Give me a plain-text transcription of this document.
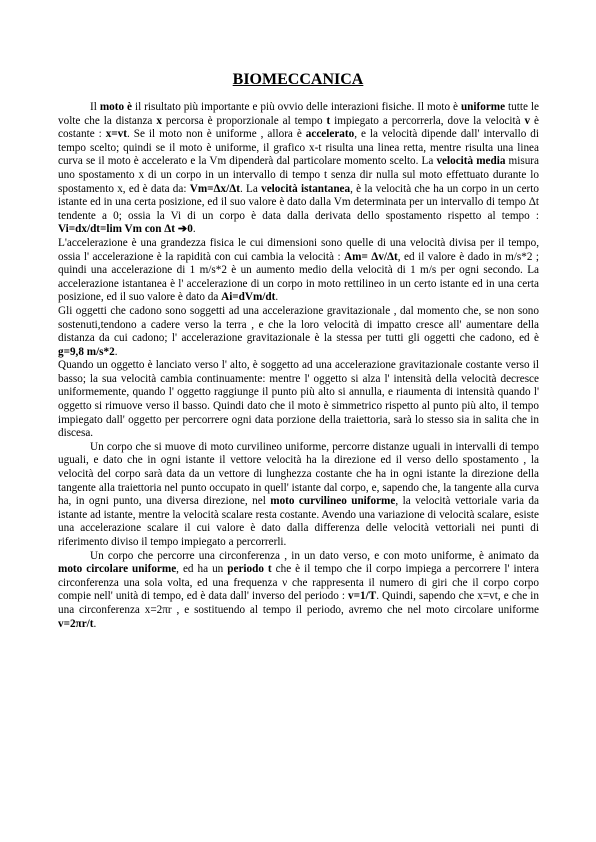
BIOMECCANICA

Il moto è il risultato più importante e più ovvio delle interazioni fisiche. Il moto è uniforme tutte le volte che la distanza x percorsa è proporzionale al tempo t impiegato a percorrerla, dove la velocità v è costante : x=vt. Se il moto non è uniforme , allora è accelerato, e la velocità dipende dall' intervallo di tempo scelto; quindi se il moto è uniforme, il grafico x-t risulta una linea retta, mentre risulta una linea curva se il moto è accelerato e la Vm dipenderà dal particolare momento scelto. La velocità media misura uno spostamento x di un corpo in un intervallo di tempo t senza dir nulla sul moto effettuato durante lo spostamento x, ed è data da: Vm=Δx/Δt. La velocità istantanea, è la velocità che ha un corpo in un certo istante ed in una certa posizione, ed il suo valore è dato dalla Vm determinata per un intervallo di tempo Δt tendente a 0; ossia la Vi di un corpo è data dalla derivata dello spostamento rispetto al tempo : Vi=dx/dt=lim Vm con Δt ➔0.

L'accelerazione è una grandezza fisica le cui dimensioni sono quelle di una velocità divisa per il tempo, ossia l' accelerazione è la rapidità con cui cambia la velocità : Am= Δv/Δt, ed il valore è dado in m/s*2 ; quindi una accelerazione di 1 m/s*2 è un aumento medio della velocità di 1 m/s per ogni secondo. La accelerazione istantanea è l' accelerazione di un corpo in moto rettilineo in un certo istante ed in una certa posizione, ed il suo valore è dato da Ai=dVm/dt.

Gli oggetti che cadono sono soggetti ad una accelerazione gravitazionale , dal momento che, se non sono sostenuti,tendono a cadere verso la terra , e che la loro velocità di impatto cresce all' aumentare della distanza da cui cadono; l' accelerazione gravitazionale è la stessa per tutti gli oggetti che cadono, ed è g=9,8 m/s*2.

Quando un oggetto è lanciato verso l' alto, è soggetto ad una accelerazione gravitazionale costante verso il basso; la sua velocità cambia continuamente: mentre l' oggetto si alza l' intensità della velocità decresce uniformemente, quando l' oggetto raggiunge il punto più alto si annulla, e riaumenta di intensità quando l' oggetto si rimuove verso il basso. Quindi dato che il moto è simmetrico rispetto al punto più alto, il tempo impiegato dall' oggetto per percorrere ogni data porzione della traiettoria, sarà lo stesso sia in salita che in discesa.

Un corpo che si muove di moto curvilineo uniforme, percorre distanze uguali in intervalli di tempo uguali, e dato che in ogni istante il vettore velocità ha la direzione ed il verso dello spostamento , la velocità del corpo sarà data da un vettore di lunghezza costante che ha in ogni istante la direzione della tangente alla traiettoria nel punto occupato in quell' istante dal corpo, e, sapendo che, la tangente alla curva ha, in ogni punto, una diversa direzione, nel moto curvilineo uniforme, la velocità vettoriale varia da istante ad istante, mentre la velocità scalare resta costante. Avendo una variazione di velocità scalare, esiste una accelerazione scalare il cui valore è dato dalla differenza delle velocità vettoriali nei punti di riferimento diviso il tempo impiegato a percorrerli.

Un corpo che percorre una circonferenza , in un dato verso, e con moto uniforme, è animato da moto circolare uniforme, ed ha un periodo t che è il tempo che il corpo impiega a percorrere l' intera circonferenza una sola volta, ed una frequenza ν che rappresenta il numero di giri che il corpo corpo compie nell' unità di tempo, ed è data dall' inverso del periodo : v=1/T. Quindi, sapendo che x=vt, e che in una circonferenza x=2πr , e sostituendo al tempo il periodo, avremo che nel moto circolare uniforme v=2πr/t.
